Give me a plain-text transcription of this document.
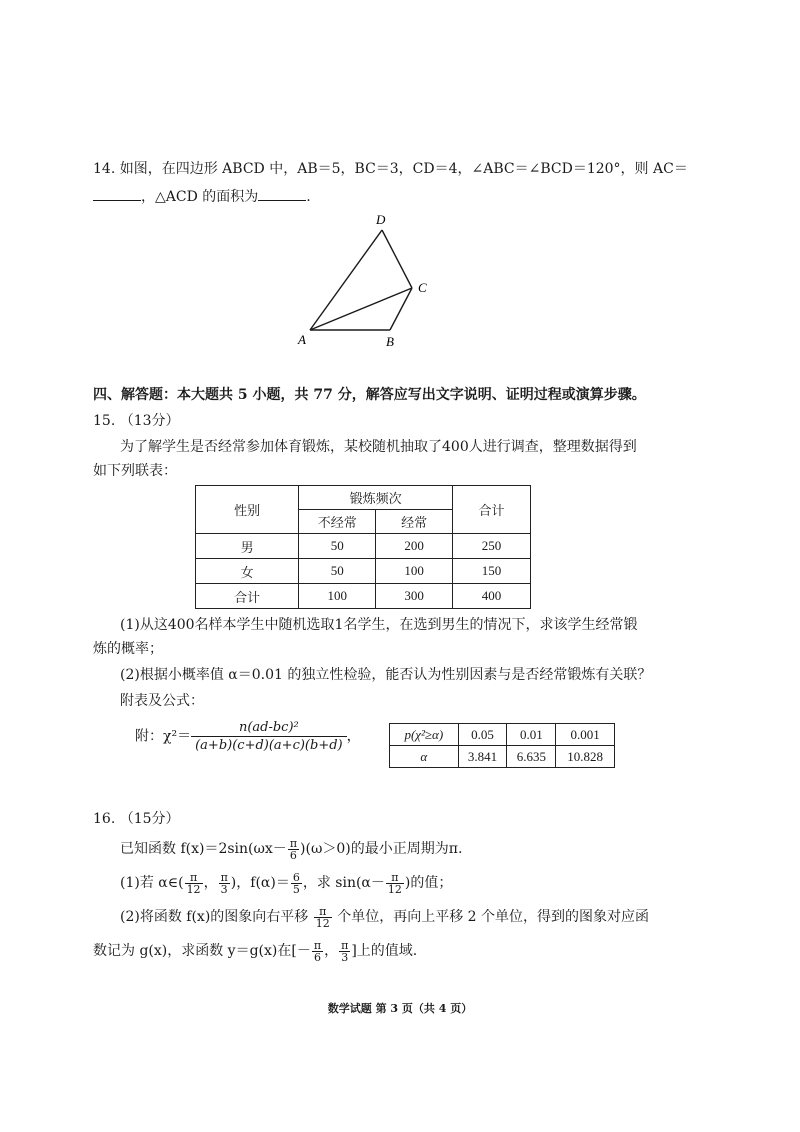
14. 如图，在四边形 ABCD 中，AB＝5，BC＝3，CD＝4，∠ABC＝∠BCD＝120°，则 AC＝
，△ACD 的面积为	.
D
C
B
A
四、解答题：本大题共 5 小题，共 77 分，解答应写出文字说明、证明过程或演算步骤。
15. （13分）
为了解学生是否经常参加体育锻炼，某校随机抽取了400人进行调查，整理数据得到
如下列联表：
性别	锻炼频次		合计
	不经常	经常	
男	50	200	250
女	50	100	150
合计	100	300	400
(1)从这400名样本学生中随机选取1名学生，在选到男生的情况下，求该学生经常锻
炼的概率；
(2)根据小概率值 α＝0.01 的独立性检验，能否认为性别因素与是否经常锻炼有关联？
附表及公式：
附：$\chi^2= \frac{\text{n(ad-bc)²}}{(a+b)(c+d)(a+c)(b+d)}$ ，	p(χ²≥α)	0.05	0.01	0.001
α	3.841	6.635	10.828
16. （15分）
已知函数 $f(x)=2\sin(\omega x- \frac{\pi}{6} )(\omega>0)$的最小正周期为π.
(1)若 α∈( $\frac{\pi}{12}$ ， $\frac{\pi}{3}$ )，$f(\alpha)= \frac{6}{5}$ ，求 $\sin(\alpha- \frac{\pi}{12}$ )的值；
(2)将函数 f(x)的图象向右平移 $\frac{\pi}{12}$ 个单位，再向上平移 2 个单位，得到的图象对应函
数记为 g(x)，求函数 y＝g(x)在[－ $\frac{\pi}{6}$ ， $\frac{\pi}{3}$ ]上的值域.
数学试题 第 3 页（共 4 页）
